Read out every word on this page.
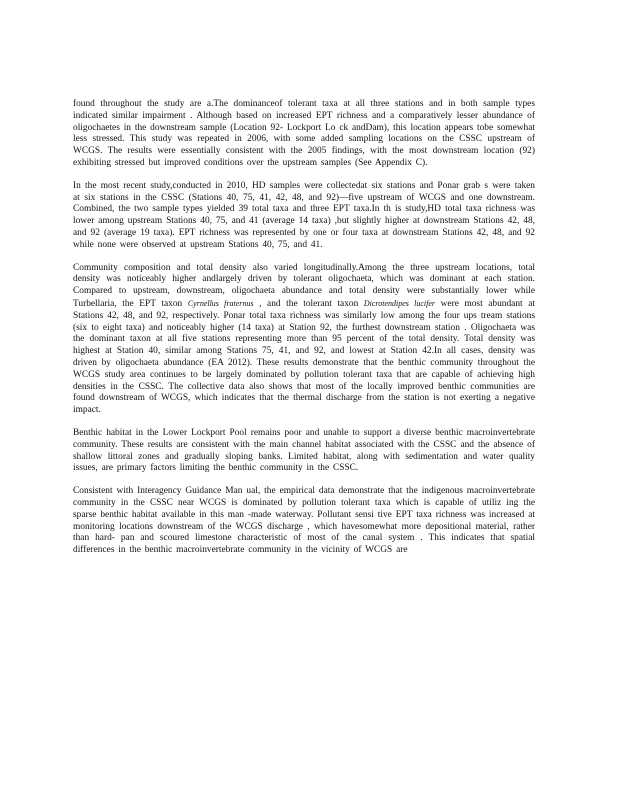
found throughout the study are a.The dominanceof tolerant taxa at all three stations and in both sample types indicated similar impairment . Although based on increased EPT richness and a comparatively lesser abundance of oligochaetes in the downstream sample (Location 92- Lockport Lo ck andDam), this location appears tobe somewhat less stressed. This study was repeated in 2006, with some added sampling locations on the CSSC upstream of WCGS. The results were essentially consistent with the 2005 findings, with the most downstream location (92) exhibiting stressed but improved conditions over the upstream samples (See Appendix C).

In the most recent study,conducted in 2010, HD samples were collectedat six stations and Ponar grab s were taken at six stations in the CSSC (Stations 40, 75, 41, 42, 48, and 92)—five upstream of WCGS and one downstream. Combined, the two sample types yielded 39 total taxa and three EPT taxa.In th is study,HD total taxa richness was lower among upstream Stations 40, 75, and 41 (average 14 taxa) ,but slightly higher at downstream Stations 42, 48, and 92 (average 19 taxa). EPT richness was represented by one or four taxa at downstream Stations 42, 48, and 92 while none were observed at upstream Stations 40, 75, and 41.

Community composition and total density also varied longitudinally.Among the three upstream locations, total density was noticeably higher andlargely driven by tolerant oligochaeta, which was dominant at each station. Compared to upstream, downstream, oligochaeta abundance and total density were substantially lower while Turbellaria, the EPT taxon Cyrnellus fraternus , and the tolerant taxon Dicrotendipes lucifer were most abundant at Stations 42, 48, and 92, respectively. Ponar total taxa richness was similarly low among the four ups tream stations (six to eight taxa) and noticeably higher (14 taxa) at Station 92, the furthest downstream station . Oligochaeta was the dominant taxon at all five stations representing more than 95 percent of the total density. Total density was highest at Station 40, similar among Stations 75, 41, and 92, and lowest at Station 42.In all cases, density was driven by oligochaeta abundance (EA 2012). These results demonstrate that the benthic community throughout the WCGS study area continues to be largely dominated by pollution tolerant taxa that are capable of achieving high densities in the CSSC. The collective data also shows that most of the locally improved benthic communities are found downstream of WCGS, which indicates that the thermal discharge from the station is not exerting a negative impact.

Benthic habitat in the Lower Lockport Pool remains poor and unable to support a diverse benthic macroinvertebrate community. These results are consistent with the main channel habitat associated with the CSSC and the absence of shallow littoral zones and gradually sloping banks. Limited habitat, along with sedimentation and water quality issues, are primary factors limiting the benthic community in the CSSC.

Consistent with Interagency Guidance Man ual, the empirical data demonstrate that the indigenous macroinvertebrate community in the CSSC near WCGS is dominated by pollution tolerant taxa which is capable of utiliz ing the sparse benthic habitat available in this man -made waterway. Pollutant sensi tive EPT taxa richness was increased at monitoring locations downstream of the WCGS discharge , which havesomewhat more depositional material, rather than hard- pan and scoured limestone characteristic of most of the canal system . This indicates that spatial differences in the benthic macroinvertebrate community in the vicinity of WCGS are
